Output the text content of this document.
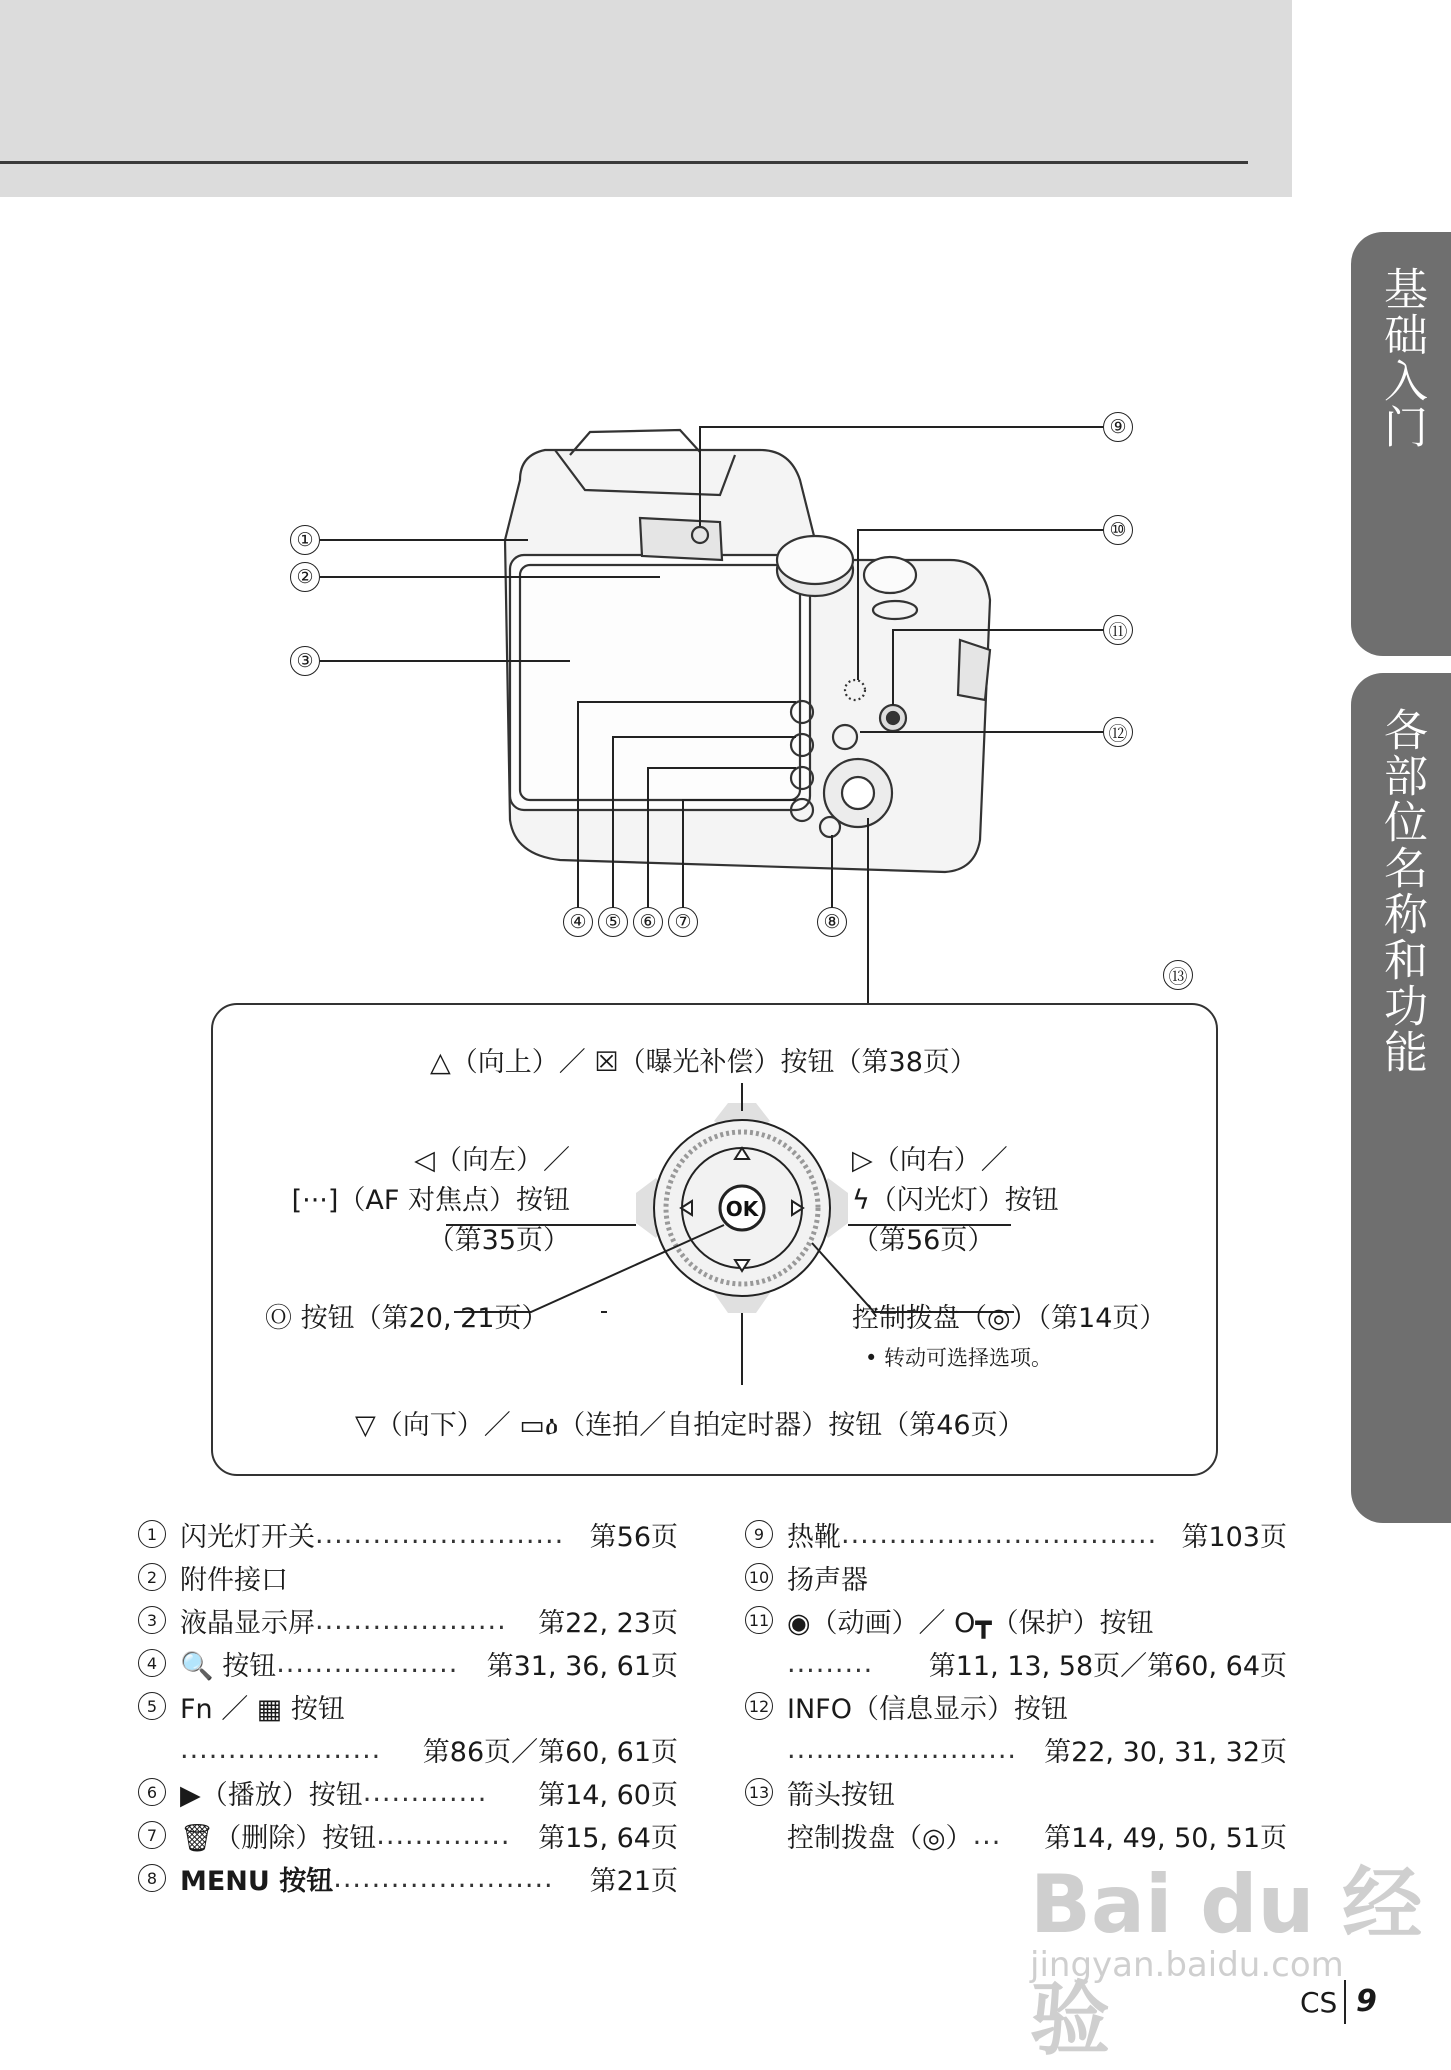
基础入门
各部位名称和功能
①
②
③
④ ⑤ ⑥ ⑦	⑧
⑨
⑩
⑪
⑫
⑬
OK
△（向上）／ ☒（曝光补偿）按钮（第38页）
◁（向左）／
[···]（AF 对焦点）按钮
（第35页）
▷（向右）／
ϟ（闪光灯）按钮
（第56页）
Ⓞ 按钮（第20, 21页）	控制拨盘（◎）（第14页）
• 转动可选择选项。
▽（向下）／ ▭ዕ（连拍／自拍定时器）按钮（第46页）
1 闪光灯开关 .......................... 第56页
2 附件接口
3 液晶显示屏 .................... 第22, 23页
4 🔍 按钮 ................... 第31, 36, 61页
5 Fn ／ ▦ 按钮
..................... 第86页／第60, 61页
6 ▶（播放）按钮 ............. 第14, 60页
7 🗑（删除）按钮 .............. 第15, 64页
8 MENU 按钮 ....................... 第21页
9 热靴 ................................. 第103页
10 扬声器
11 ◉（动画）／ O┳（保护）按钮
......... 第11, 13, 58页／第60, 64页
12 INFO（信息显示）按钮
........................ 第22, 30, 31, 32页
13 箭头按钮
控制拨盘（◎） ... 第14, 49, 50, 51页
Bai du 经验
jingyan.baidu.com
CS 9
